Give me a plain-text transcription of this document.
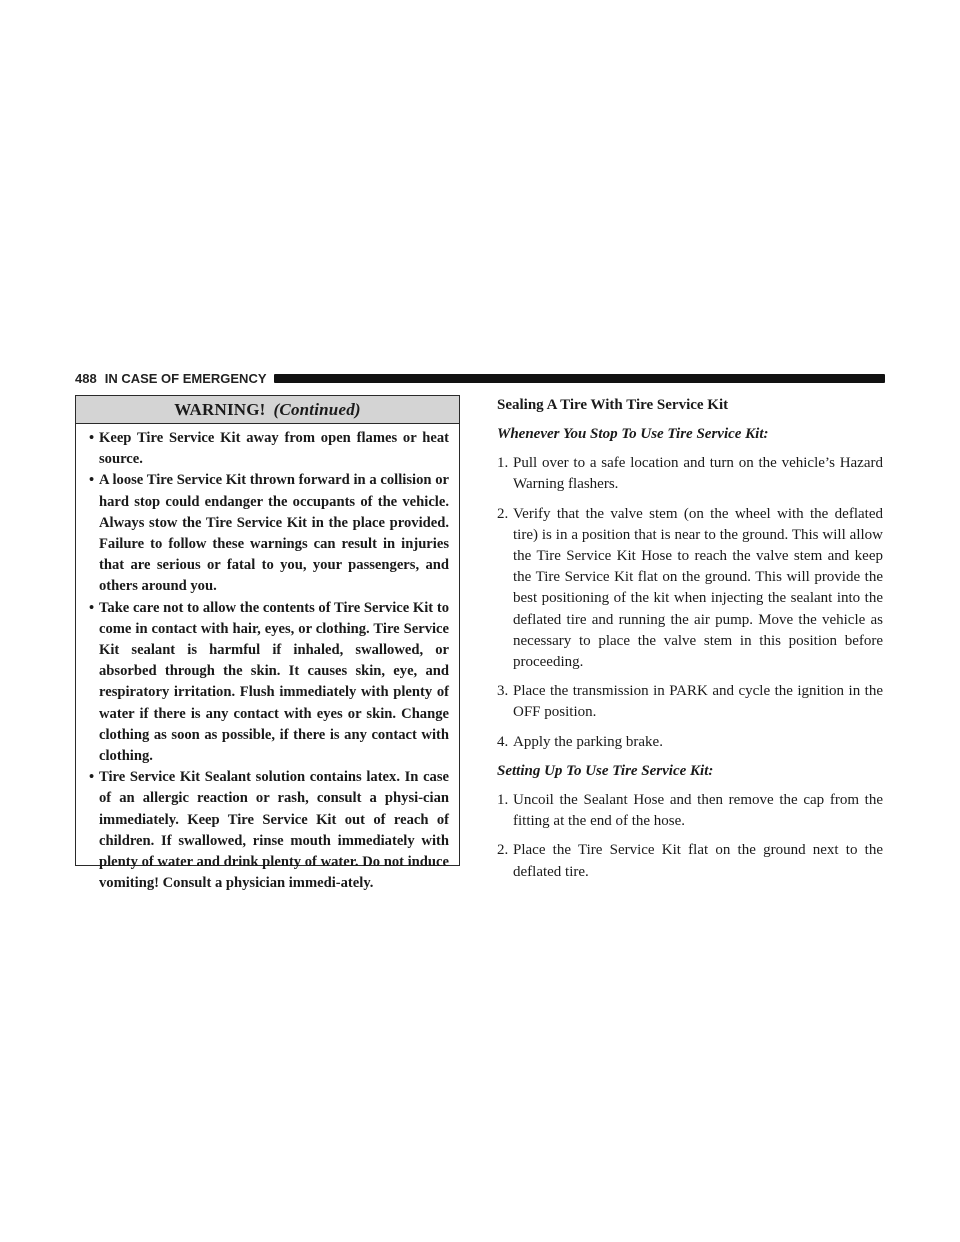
488 IN CASE OF EMERGENCY
WARNING! (Continued)
• Keep Tire Service Kit away from open flames or heat source.
• A loose Tire Service Kit thrown forward in a collision or hard stop could endanger the occupants of the vehicle. Always stow the Tire Service Kit in the place provided. Failure to follow these warnings can result in injuries that are serious or fatal to you, your passengers, and others around you.
• Take care not to allow the contents of Tire Service Kit to come in contact with hair, eyes, or clothing. Tire Service Kit sealant is harmful if inhaled, swallowed, or absorbed through the skin. It causes skin, eye, and respiratory irritation. Flush immediately with plenty of water if there is any contact with eyes or skin. Change clothing as soon as possible, if there is any contact with clothing.
• Tire Service Kit Sealant solution contains latex. In case of an allergic reaction or rash, consult a physi-cian immediately. Keep Tire Service Kit out of reach of children. If swallowed, rinse mouth immediately with plenty of water and drink plenty of water. Do not induce vomiting! Consult a physician immedi-ately.
Sealing A Tire With Tire Service Kit

Whenever You Stop To Use Tire Service Kit:

1. Pull over to a safe location and turn on the vehicle’s Hazard Warning flashers.
2. Verify that the valve stem (on the wheel with the deflated tire) is in a position that is near to the ground. This will allow the Tire Service Kit Hose to reach the valve stem and keep the Tire Service Kit flat on the ground. This will provide the best positioning of the kit when injecting the sealant into the deflated tire and running the air pump. Move the vehicle as necessary to place the valve stem in this position before proceeding.
3. Place the transmission in PARK and cycle the ignition in the OFF position.
4. Apply the parking brake.

Setting Up To Use Tire Service Kit:

1. Uncoil the Sealant Hose and then remove the cap from the fitting at the end of the hose.
2. Place the Tire Service Kit flat on the ground next to the deflated tire.
